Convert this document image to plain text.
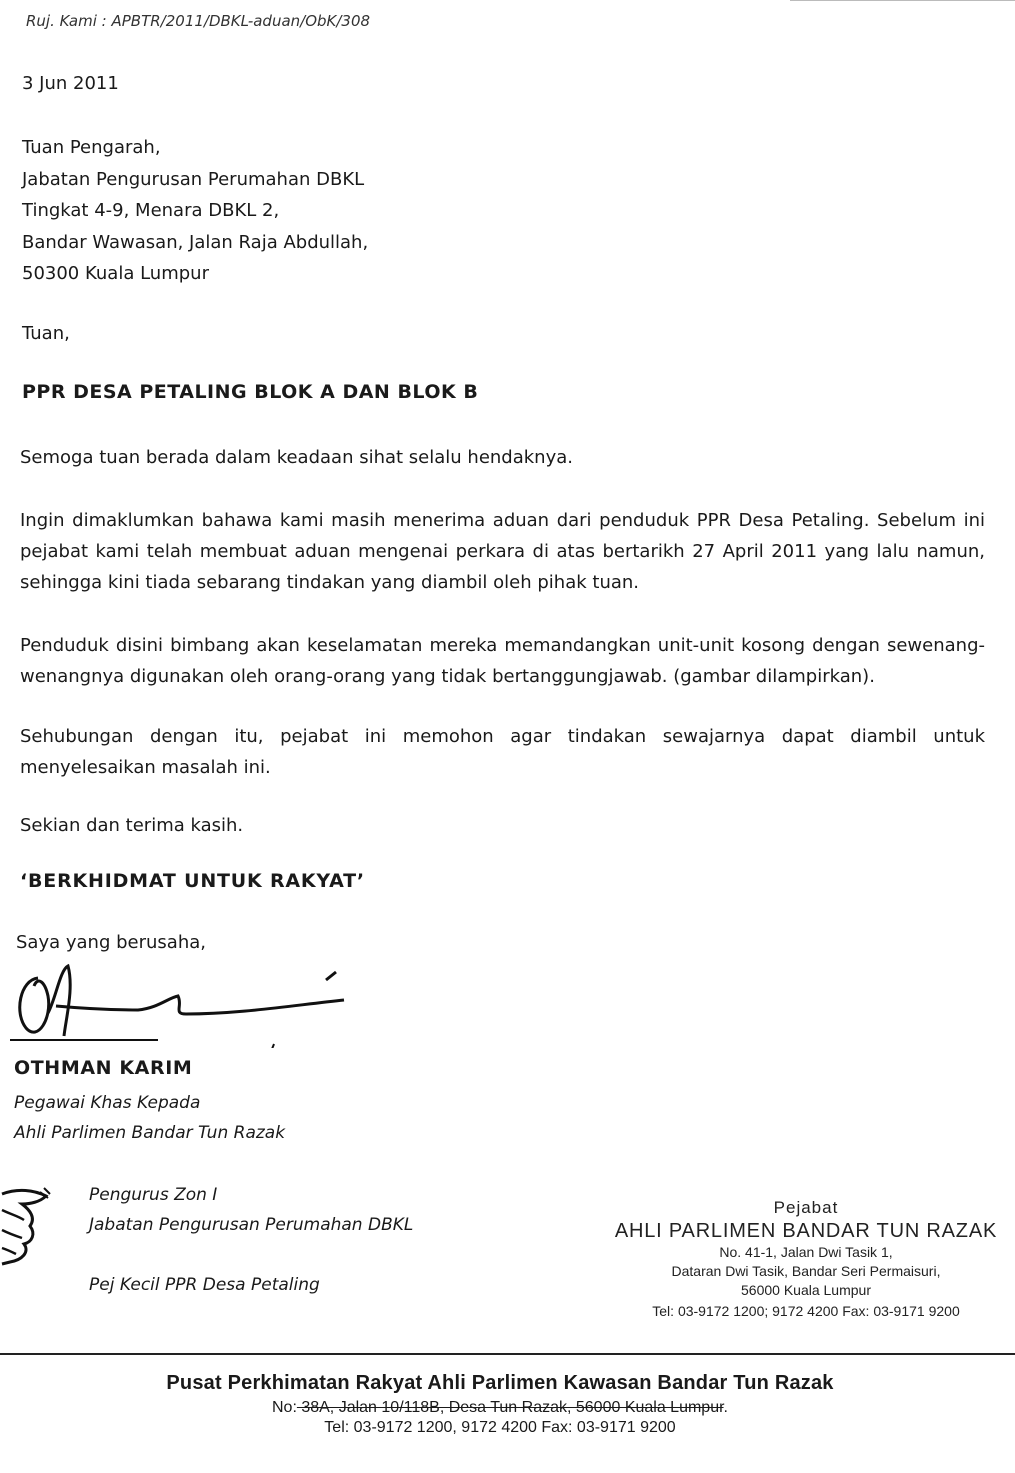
Ruj. Kami : APBTR/2011/DBKL-aduan/ObK/308
3 Jun 2011
Tuan Pengarah,
Jabatan Pengurusan Perumahan DBKL
Tingkat 4-9, Menara DBKL 2,
Bandar Wawasan, Jalan Raja Abdullah,
50300 Kuala Lumpur
Tuan,
PPR DESA PETALING BLOK A DAN BLOK B
Semoga tuan berada dalam keadaan sihat selalu hendaknya.
Ingin dimaklumkan bahawa kami masih menerima aduan dari penduduk PPR Desa Petaling. Sebelum ini pejabat kami telah membuat aduan mengenai perkara di atas bertarikh 27 April 2011 yang lalu namun, sehingga kini tiada sebarang tindakan yang diambil oleh pihak tuan.
Penduduk disini bimbang akan keselamatan mereka memandangkan unit-unit kosong dengan sewenang-wenangnya digunakan oleh orang-orang yang tidak bertanggungjawab. (gambar dilampirkan).
Sehubungan dengan itu, pejabat ini memohon agar tindakan sewajarnya dapat diambil untuk menyelesaikan masalah ini.
Sekian dan terima kasih.
‘BERKHIDMAT UNTUK RAKYAT’
Saya yang berusaha,
OTHMAN KARIM
Pegawai Khas Kepada
Ahli Parlimen Bandar Tun Razak
Pengurus Zon I
Jabatan Pengurusan Perumahan DBKL
Pej Kecil PPR Desa Petaling
Pejabat
AHLI PARLIMEN BANDAR TUN RAZAK
No. 41-1, Jalan Dwi Tasik 1,
Dataran Dwi Tasik, Bandar Seri Permaisuri,
56000 Kuala Lumpur
Tel: 03-9172 1200; 9172 4200 Fax: 03-9171 9200
Pusat Perkhimatan Rakyat Ahli Parlimen Kawasan Bandar Tun Razak
No: 38A, Jalan 10/118B, Desa Tun Razak, 56000 Kuala Lumpur.
Tel: 03-9172 1200, 9172 4200 Fax: 03-9171 9200
